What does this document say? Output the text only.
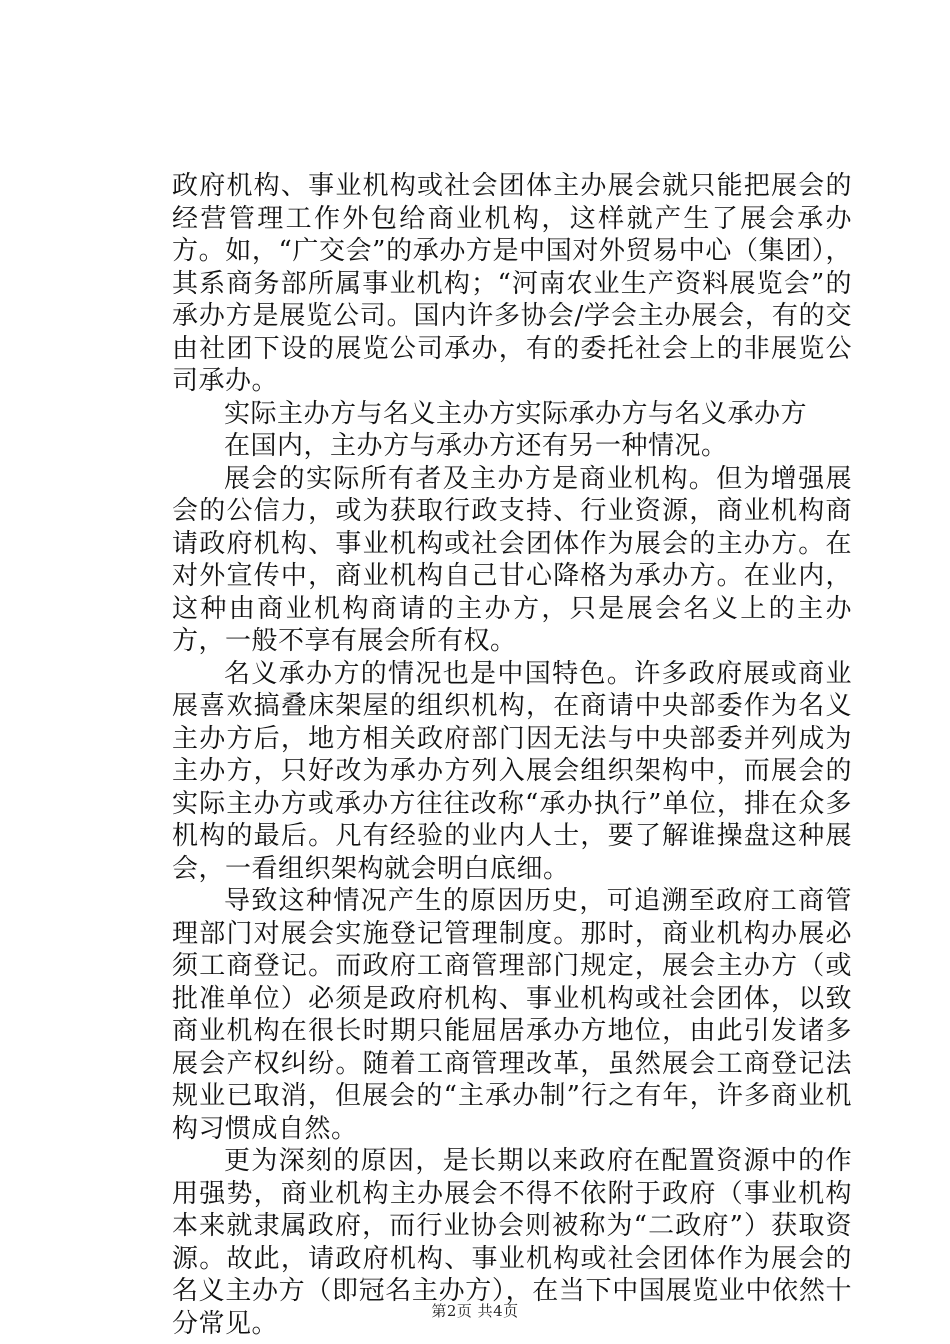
政府机构、事业机构或社会团体主办展会就只能把展会的经营管理工作外包给商业机构，这样就产生了展会承办方。如，“广交会”的承办方是中国对外贸易中心（集团），其系商务部所属事业机构；“河南农业生产资料展览会”的承办方是展览公司。国内许多协会/学会主办展会，有的交由社团下设的展览公司承办，有的委托社会上的非展览公司承办。

实际主办方与名义主办方实际承办方与名义承办方

在国内，主办方与承办方还有另一种情况。

展会的实际所有者及主办方是商业机构。但为增强展会的公信力，或为获取行政支持、行业资源，商业机构商请政府机构、事业机构或社会团体作为展会的主办方。在对外宣传中，商业机构自己甘心降格为承办方。在业内，这种由商业机构商请的主办方，只是展会名义上的主办方，一般不享有展会所有权。

名义承办方的情况也是中国特色。许多政府展或商业展喜欢搞叠床架屋的组织机构，在商请中央部委作为名义主办方后，地方相关政府部门因无法与中央部委并列成为主办方，只好改为承办方列入展会组织架构中，而展会的实际主办方或承办方往往改称“承办执行”单位，排在众多机构的最后。凡有经验的业内人士，要了解谁操盘这种展会，一看组织架构就会明白底细。

导致这种情况产生的原因历史，可追溯至政府工商管理部门对展会实施登记管理制度。那时，商业机构办展必须工商登记。而政府工商管理部门规定，展会主办方（或批准单位）必须是政府机构、事业机构或社会团体，以致商业机构在很长时期只能屈居承办方地位，由此引发诸多展会产权纠纷。随着工商管理改革，虽然展会工商登记法规业已取消，但展会的“主承办制”行之有年，许多商业机构习惯成自然。

更为深刻的原因，是长期以来政府在配置资源中的作用强势，商业机构主办展会不得不依附于政府（事业机构本来就隶属政府，而行业协会则被称为“二政府”）获取资源。故此，请政府机构、事业机构或社会团体作为展会的名义主办方（即冠名主办方），在当下中国展览业中依然十分常见。	第2页 共4页
